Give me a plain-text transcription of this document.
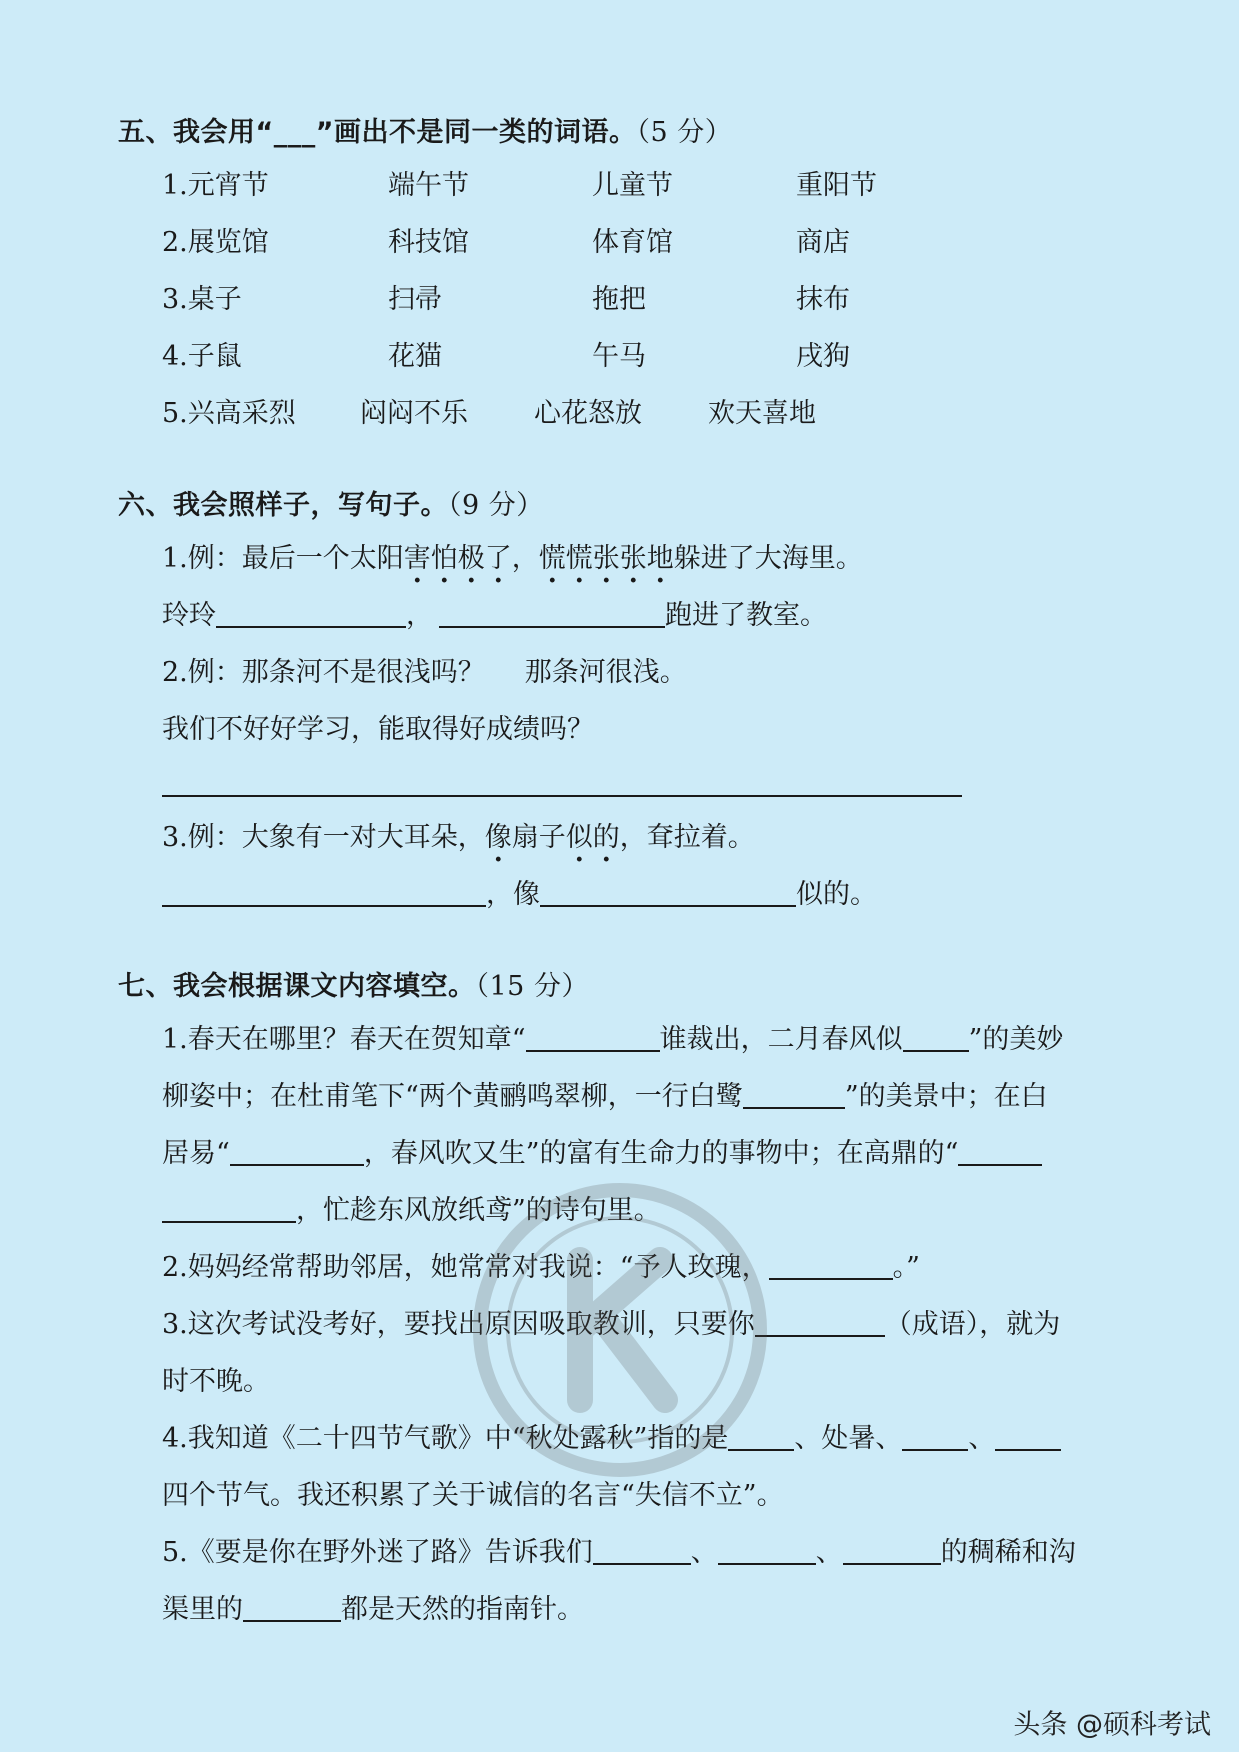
五、我会用“___”画出不是同一类的词语。（5 分）
1.元宵节	端午节	儿童节	重阳节
2.展览馆	科技馆	体育馆	商店
3.桌子	扫帚	拖把	抹布
4.子鼠	花猫	午马	戌狗
5.兴高采烈 闷闷不乐 心花怒放 欢天喜地
六、我会照样子，写句子。（9 分）
1.例：最后一个太阳害怕极了，慌慌张张地躲进了大海里。
玲玲	，	跑进了教室。
2.例：那条河不是很浅吗？ 那条河很浅。
我们不好好学习，能取得好成绩吗？
3.例：大象有一对大耳朵，像扇子似的，耷拉着。
，像	似的。
七、我会根据课文内容填空。（15 分）
1.春天在哪里？春天在贺知章“	谁裁出，二月春风似 ”的美妙
柳姿中；在杜甫笔下“两个黄鹂鸣翠柳，一行白鹭	”的美景中；在白
居易“	，春风吹又生”的富有生命力的事物中；在高鼎的“
，忙趁东风放纸鸢”的诗句里。
2.妈妈经常帮助邻居，她常常对我说：“予人玫瑰，	。”
3.这次考试没考好，要找出原因吸取教训，只要你	（成语），就为
时不晚。
4.我知道《二十四节气歌》中“秋处露秋”指的是 、处暑、 、
四个节气。我还积累了关于诚信的名言“失信不立”。
5.《要是你在野外迷了路》告诉我们	、	、	的稠稀和沟
渠里的	都是天然的指南针。
头条 @硕科考试
